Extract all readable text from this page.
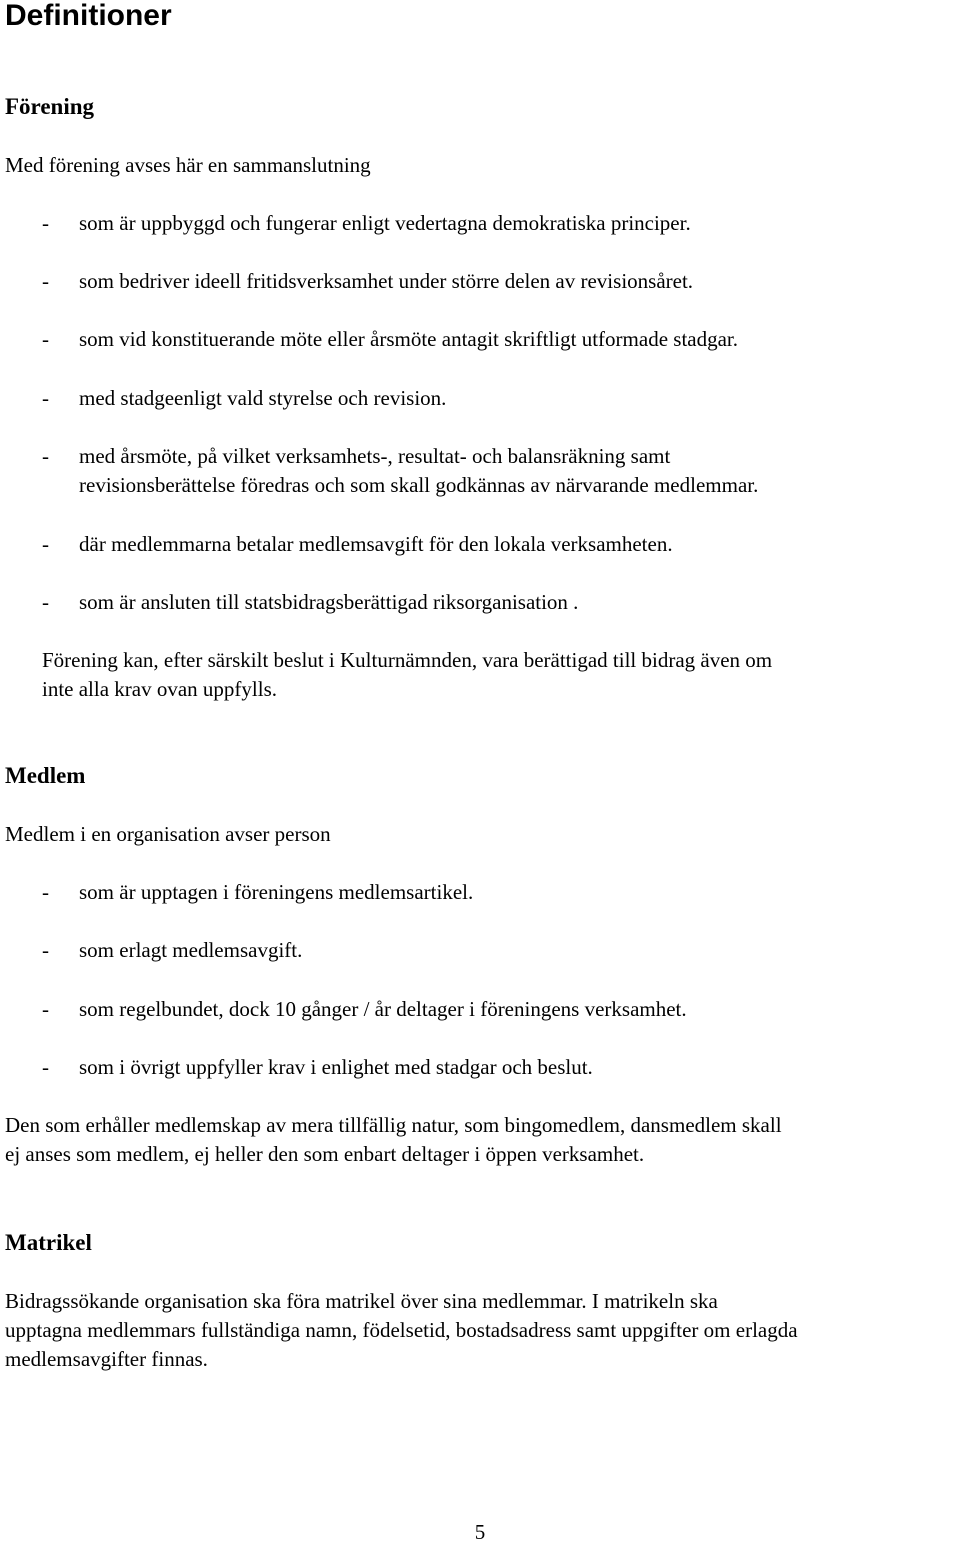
Definitioner
Förening
Med förening avses här en sammanslutning
- som är uppbyggd och fungerar enligt vedertagna demokratiska principer.
- som bedriver ideell fritidsverksamhet under större delen av revisionsåret.
- som vid konstituerande möte eller årsmöte antagit skriftligt utformade stadgar.
- med stadgeenligt vald styrelse och revision.
- med årsmöte, på vilket verksamhets-, resultat- och balansräkning samt
revisionsberättelse föredras och som skall godkännas av närvarande medlemmar.
- där medlemmarna betalar medlemsavgift för den lokala verksamheten.
- som är ansluten till statsbidragsberättigad riksorganisation .
Förening kan, efter särskilt beslut i Kulturnämnden, vara berättigad till bidrag även om
inte alla krav ovan uppfylls.
Medlem
Medlem i en organisation avser person
- som är upptagen i föreningens medlemsartikel.
- som erlagt medlemsavgift.
- som regelbundet, dock 10 gånger / år deltager i föreningens verksamhet.
- som i övrigt uppfyller krav i enlighet med stadgar och beslut.
Den som erhåller medlemskap av mera tillfällig natur, som bingomedlem, dansmedlem skall
ej anses som medlem, ej heller den som enbart deltager i öppen verksamhet.
Matrikel
Bidragssökande organisation ska föra matrikel över sina medlemmar. I matrikeln ska
upptagna medlemmars fullständiga namn, födelsetid, bostadsadress samt uppgifter om erlagda
medlemsavgifter finnas.
5
